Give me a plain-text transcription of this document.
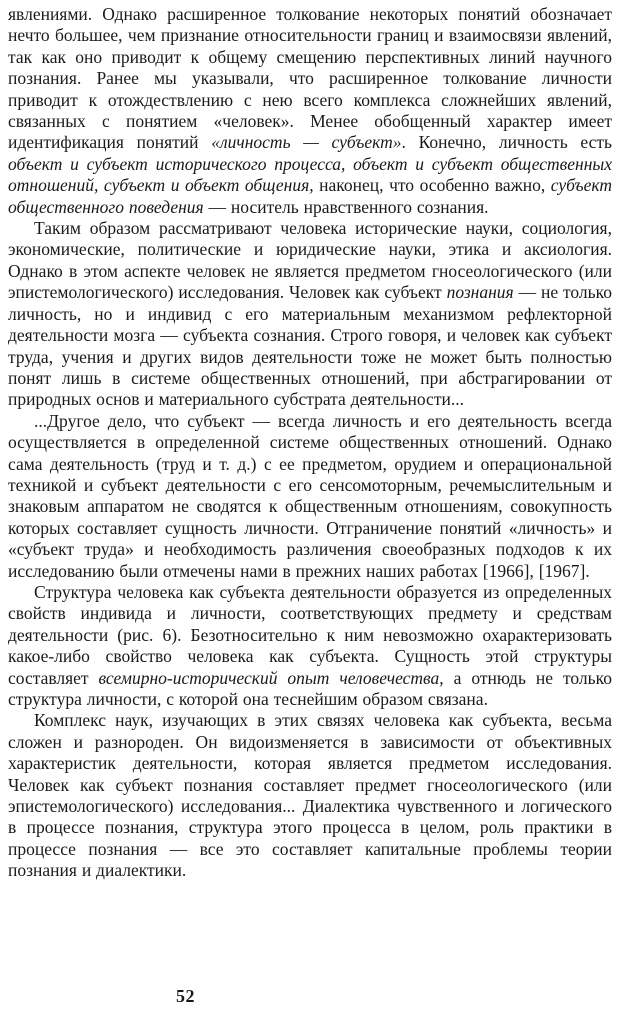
явлениями. Однако расширенное толкование некоторых понятий обозначает нечто большее, чем признание относительности границ и взаимосвязи явлений, так как оно приводит к общему смещению перспективных линий научного познания. Ранее мы указывали, что расширенное толкование личности приводит к отождествлению с нею всего комплекса сложнейших явлений, связанных с понятием «человек». Менее обобщенный характер имеет идентификация понятий «личность — субъект». Конечно, личность есть объект и субъект исторического процесса, объект и субъект общественных отношений, субъект и объект общения, наконец, что особенно важно, субъект общественного поведения — носитель нравственного сознания.

Таким образом рассматривают человека исторические науки, социология, экономические, политические и юридические науки, этика и аксиология. Однако в этом аспекте человек не является предметом гносеологического (или эпистемологического) исследования. Человек как субъект познания — не только личность, но и индивид с его материальным механизмом рефлекторной деятельности мозга — субъекта сознания. Строго говоря, и человек как субъект труда, учения и других видов деятельности тоже не может быть полностью понят лишь в системе общественных отношений, при абстрагировании от природных основ и материального субстрата деятельности...

...Другое дело, что субъект — всегда личность и его деятельность всегда осуществляется в определенной системе общественных отношений. Однако сама деятельность (труд и т. д.) с ее предметом, орудием и операциональной техникой и субъект деятельности с его сенсомоторным, речемыслительным и знаковым аппаратом не сводятся к общественным отношениям, совокупность которых составляет сущность личности. Отграничение понятий «личность» и «субъект труда» и необходимость различения своеобразных подходов к их исследованию были отмечены нами в прежних наших работах [1966], [1967].

Структура человека как субъекта деятельности образуется из определенных свойств индивида и личности, соответствующих предмету и средствам деятельности (рис. 6). Безотносительно к ним невозможно охарактеризовать какое-либо свойство человека как субъекта. Сущность этой структуры составляет всемирно-исторический опыт человечества, а отнюдь не только структура личности, с которой она теснейшим образом связана.

Комплекс наук, изучающих в этих связях человека как субъекта, весьма сложен и разнороден. Он видоизменяется в зависимости от объективных характеристик деятельности, которая является предметом исследования. Человек как субъект познания составляет предмет гносеологического (или эпистемологического) исследования... Диалектика чувственного и логического в процессе познания, структура этого процесса в целом, роль практики в процессе познания — все это составляет капитальные проблемы теории познания и диалектики.

52
